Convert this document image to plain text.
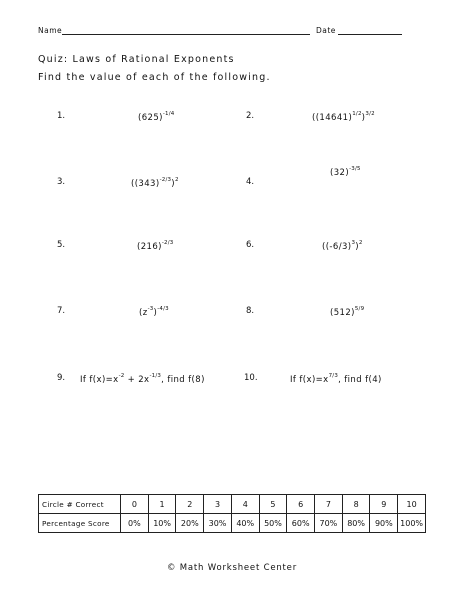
Name	Date
Quiz: Laws of Rational Exponents
Find the value of each of the following.
1.	$(625)^{-1/4}$	2.	$((14641)^{1/2})^{3/2}$
3.	$((343)^{-2/3})^2$	4.
$(32)^{-3/5}$
5.	$(216)^{-2/3}$	6.	$((-6/3)^3)^2$
7.	$(z^{-3})^{-4/3}$	8.	$(512)^{5/9}$
9. If $f(x)=x^{-2} + 2x^{-1/3}$, find f(8)	10.	If $f(x)=x^{7/3}$, find f(4)
Circle # Correct	0	1	2	3	4	5	6	7	8	9	10
Percentage Score	0%	10%	20%	30%	40%	50%	60%	70%	80%	90%	100%
© Math Worksheet Center
